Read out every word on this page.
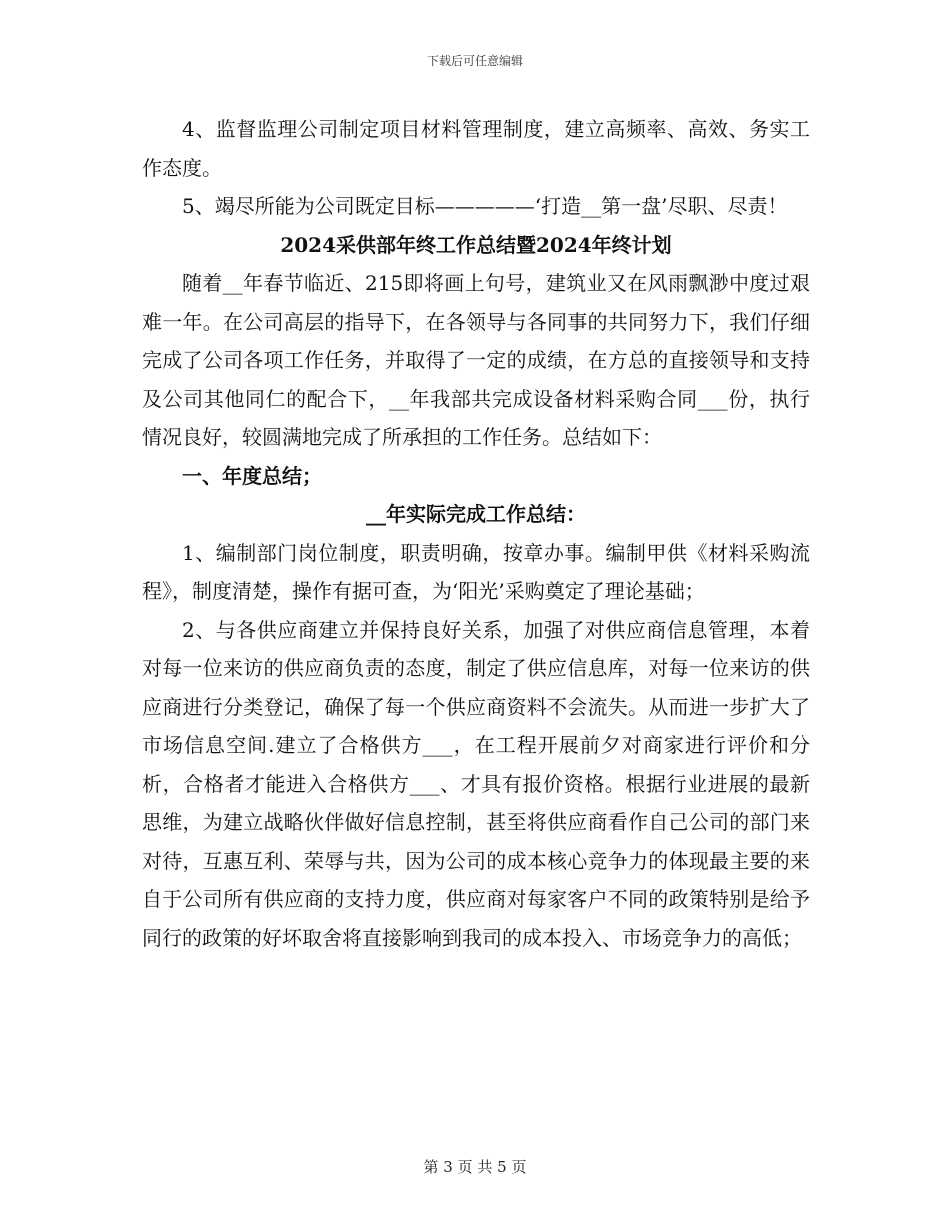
下载后可任意编辑

4、监督监理公司制定项目材料管理制度，建立高频率、高效、务实工作态度。

5、竭尽所能为公司既定目标—————‘打造__第一盘’尽职、尽责！

2024采供部年终工作总结暨2024年终计划

随着__年春节临近、215即将画上句号，建筑业又在风雨飘渺中度过艰难一年。在公司高层的指导下，在各领导与各同事的共同努力下，我们仔细完成了公司各项工作任务，并取得了一定的成绩，在方总的直接领导和支持及公司其他同仁的配合下，__年我部共完成设备材料采购合同___份，执行情况良好，较圆满地完成了所承担的工作任务。总结如下：

一、年度总结；
__年实际完成工作总结：

1、编制部门岗位制度，职责明确，按章办事。编制甲供《材料采购流程》，制度清楚，操作有据可查，为‘阳光’采购奠定了理论基础；

2、与各供应商建立并保持良好关系，加强了对供应商信息管理，本着对每一位来访的供应商负责的态度，制定了供应信息库，对每一位来访的供应商进行分类登记，确保了每一个供应商资料不会流失。从而进一步扩大了市场信息空间.建立了合格供方___，在工程开展前夕对商家进行评价和分析，合格者才能进入合格供方___、才具有报价资格。根据行业进展的最新思维，为建立战略伙伴做好信息控制，甚至将供应商看作自己公司的部门来对待，互惠互利、荣辱与共，因为公司的成本核心竞争力的体现最主要的来自于公司所有供应商的支持力度，供应商对每家客户不同的政策特别是给予同行的政策的好坏取舍将直接影响到我司的成本投入、市场竞争力的高低；

第 3 页 共 5 页
